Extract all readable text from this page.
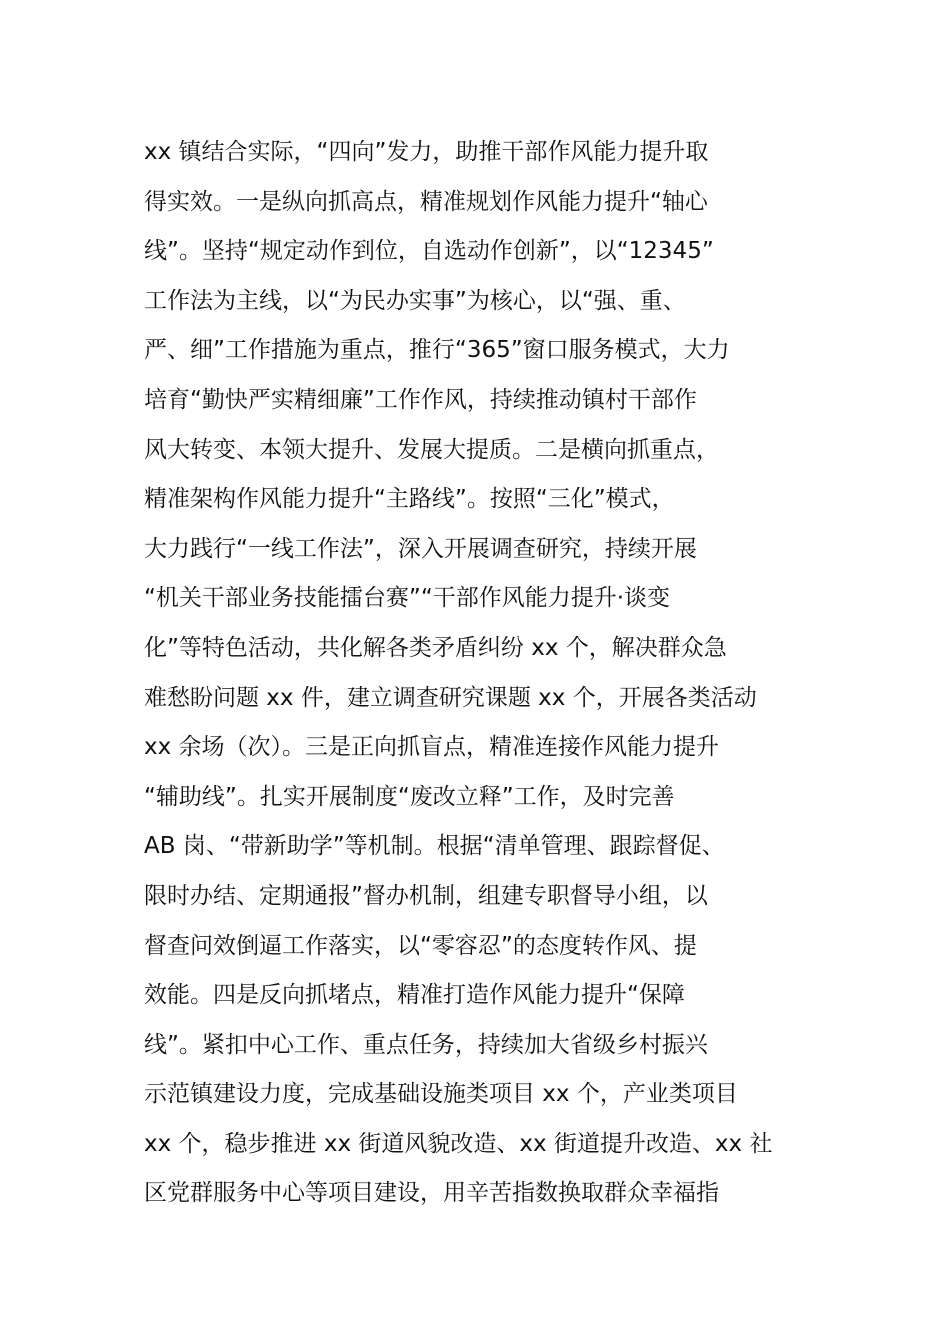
xx 镇结合实际，“四向”发力，助推干部作风能力提升取
得实效。一是纵向抓高点，精准规划作风能力提升“轴心
线”。坚持“规定动作到位，自选动作创新”，以“12345”
工作法为主线，以“为民办实事”为核心，以“强、重、
严、细”工作措施为重点，推行“365”窗口服务模式，大力
培育“勤快严实精细廉”工作作风，持续推动镇村干部作
风大转变、本领大提升、发展大提质。二是横向抓重点，
精准架构作风能力提升“主路线”。按照“三化”模式，
大力践行“一线工作法”，深入开展调查研究，持续开展
“机关干部业务技能擂台赛”“干部作风能力提升·谈变
化”等特色活动，共化解各类矛盾纠纷 xx 个，解决群众急
难愁盼问题 xx 件，建立调查研究课题 xx 个，开展各类活动
xx 余场（次）。三是正向抓盲点，精准连接作风能力提升
“辅助线”。扎实开展制度“废改立释”工作，及时完善
AB 岗、“带新助学”等机制。根据“清单管理、跟踪督促、
限时办结、定期通报”督办机制，组建专职督导小组，以
督查问效倒逼工作落实，以“零容忍”的态度转作风、提
效能。四是反向抓堵点，精准打造作风能力提升“保障
线”。紧扣中心工作、重点任务，持续加大省级乡村振兴
示范镇建设力度，完成基础设施类项目 xx 个，产业类项目
xx 个，稳步推进 xx 街道风貌改造、xx 街道提升改造、xx 社
区党群服务中心等项目建设，用辛苦指数换取群众幸福指
